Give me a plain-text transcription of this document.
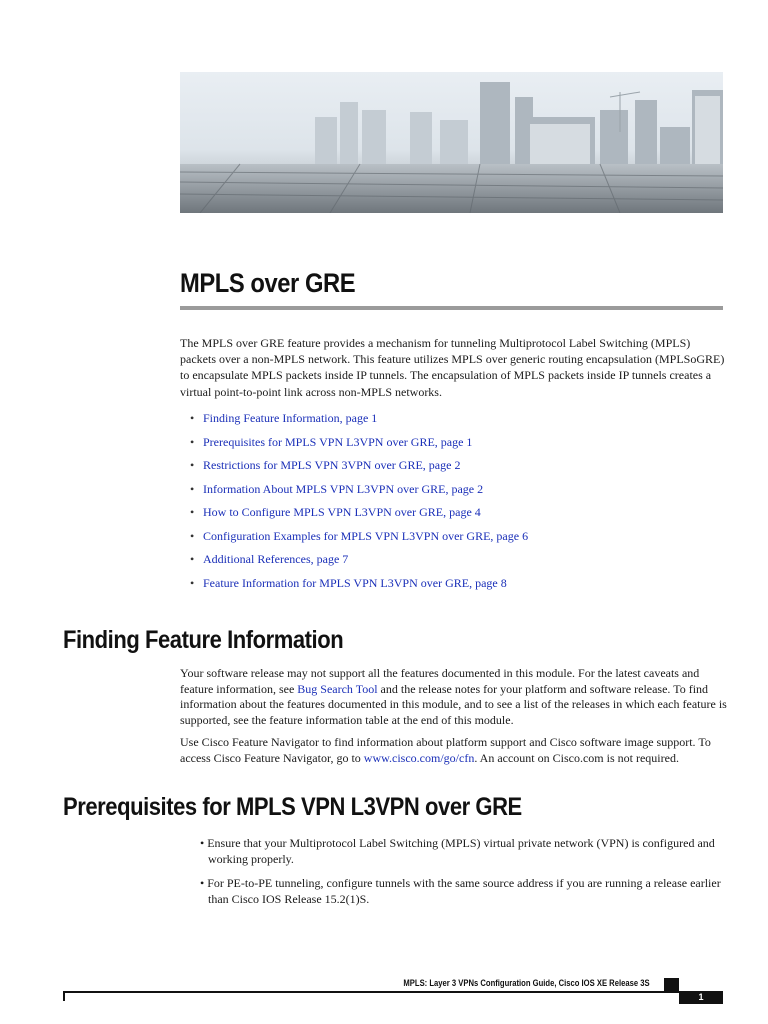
MPLS over GRE

The MPLS over GRE feature provides a mechanism for tunneling Multiprotocol Label Switching (MPLS) packets over a non-MPLS network. This feature utilizes MPLS over generic routing encapsulation (MPLSoGRE) to encapsulate MPLS packets inside IP tunnels. The encapsulation of MPLS packets inside IP tunnels creates a virtual point-to-point link across non-MPLS networks.

• Finding Feature Information, page 1
• Prerequisites for MPLS VPN L3VPN over GRE, page 1
• Restrictions for MPLS VPN 3VPN over GRE, page 2
• Information About MPLS VPN L3VPN over GRE, page 2
• How to Configure MPLS VPN L3VPN over GRE, page 4
• Configuration Examples for MPLS VPN L3VPN over GRE, page 6
• Additional References, page 7
• Feature Information for MPLS VPN L3VPN over GRE, page 8
Finding Feature Information

Your software release may not support all the features documented in this module. For the latest caveats and feature information, see Bug Search Tool and the release notes for your platform and software release. To find information about the features documented in this module, and to see a list of the releases in which each feature is supported, see the feature information table at the end of this module.

Use Cisco Feature Navigator to find information about platform support and Cisco software image support. To access Cisco Feature Navigator, go to www.cisco.com/go/cfn. An account on Cisco.com is not required.

Prerequisites for MPLS VPN L3VPN over GRE

• Ensure that your Multiprotocol Label Switching (MPLS) virtual private network (VPN) is configured and working properly.

• For PE-to-PE tunneling, configure tunnels with the same source address if you are running a release earlier than Cisco IOS Release 15.2(1)S.

MPLS: Layer 3 VPNs Configuration Guide, Cisco IOS XE Release 3S
1
